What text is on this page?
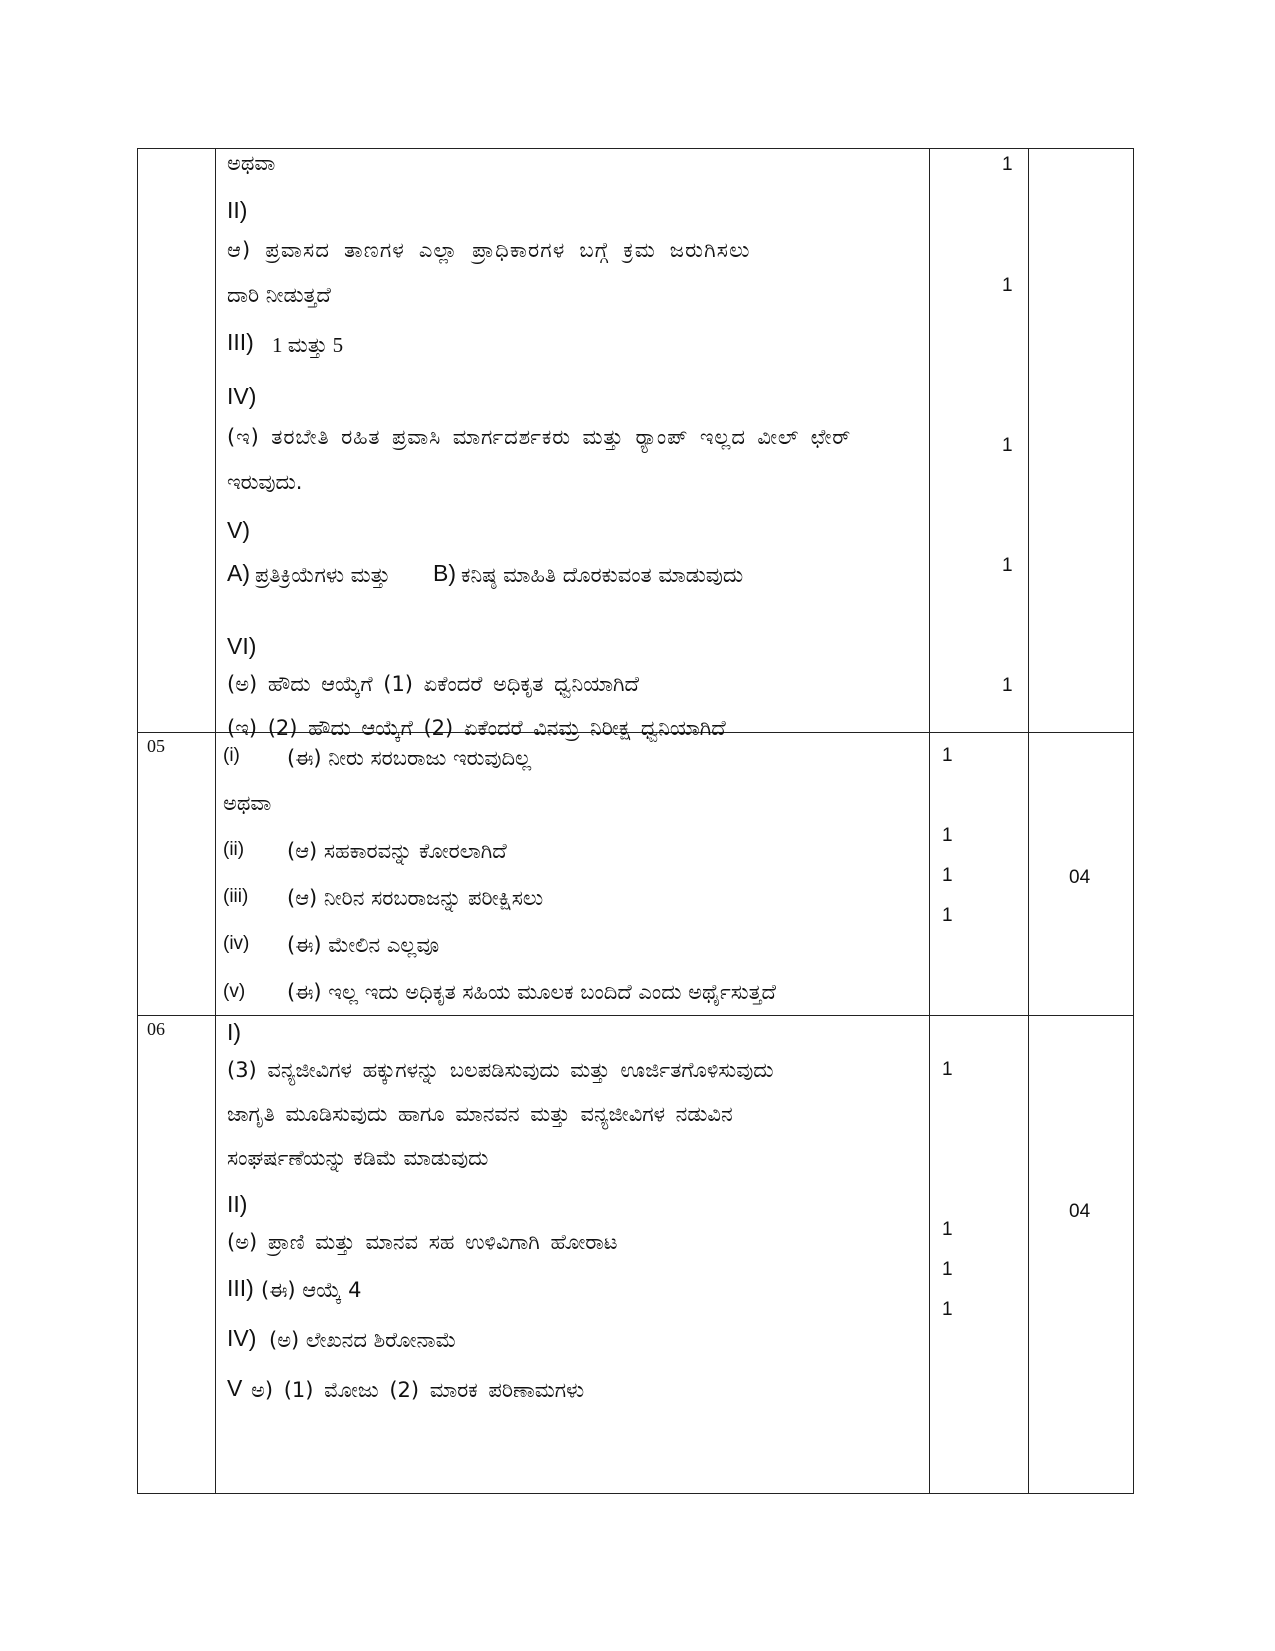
ಅಥವಾ
II)
ಆ) ಪ್ರವಾಸದ ತಾಣಗಳ ಎಲ್ಲಾ ಪ್ರಾಧಿಕಾರಗಳ ಬಗ್ಗೆ ಕ್ರಮ ಜರುಗಿಸಲು
ದಾರಿ ನೀಡುತ್ತದೆ
III) 1 ಮತ್ತು 5
IV)
(ಇ) ತರಬೇತಿ ರಹಿತ ಪ್ರವಾಸಿ ಮಾರ್ಗದರ್ಶಕರು ಮತ್ತು ರ್‍ಯಾಂಪ್ ಇಲ್ಲದ ವೀಲ್ ಛೇರ್
ಇರುವುದು.
V)
A) ಪ್ರತಿಕ್ರಿಯೆಗಳು ಮತ್ತು B) ಕನಿಷ್ಠ ಮಾಹಿತಿ ದೊರಕುವಂತ ಮಾಡುವುದು
VI)
(ಅ) ಹೌದು ಆಯ್ಕೆಗೆ (1) ಏಕೆಂದರೆ ಅಧಿಕೃತ ಧ್ವನಿಯಾಗಿದೆ
(ಇ) (2) ಹೌದು ಆಯ್ಕೆಗೆ (2) ಏಕೆಂದರೆ ವಿನಮ್ರ ನಿರೀಕ್ಷ ಧ್ವನಿಯಾಗಿದೆ
1
1
1
1
1
05	(i) (ಈ) ನೀರು ಸರಬರಾಜು ಇರುವುದಿಲ್ಲ
ಅಥವಾ
(ii) (ಆ) ಸಹಕಾರವನ್ನು ಕೋರಲಾಗಿದೆ
(iii) (ಆ) ನೀರಿನ ಸರಬರಾಜನ್ನು ಪರೀಕ್ಷಿಸಲು
(iv) (ಈ) ಮೇಲಿನ ಎಲ್ಲವೂ
(v) (ಈ) ಇಲ್ಲ ಇದು ಅಧಿಕೃತ ಸಹಿಯ ಮೂಲಕ ಬಂದಿದೆ ಎಂದು ಅರ್ಥೈಸುತ್ತದೆ
1
1
1
1
04
06	I)
(3) ವನ್ಯಜೀವಿಗಳ ಹಕ್ಕುಗಳನ್ನು ಬಲಪಡಿಸುವುದು ಮತ್ತು ಊರ್ಜಿತಗೊಳಿಸುವುದು
ಜಾಗೃತಿ ಮೂಡಿಸುವುದು ಹಾಗೂ ಮಾನವನ ಮತ್ತು ವನ್ಯಜೀವಿಗಳ ನಡುವಿನ
ಸಂಘರ್ಷಣೆಯನ್ನು ಕಡಿಮೆ ಮಾಡುವುದು
II)
(ಅ) ಪ್ರಾಣಿ ಮತ್ತು ಮಾನವ ಸಹ ಉಳಿವಿಗಾಗಿ ಹೋರಾಟ
III) (ಈ) ಆಯ್ಕೆ 4
IV) (ಅ) ಲೇಖನದ ಶಿರೋನಾಮೆ
V ಅ) (1) ಮೋಜು (2) ಮಾರಕ ಪರಿಣಾಮಗಳು
1
1
1
1
04
